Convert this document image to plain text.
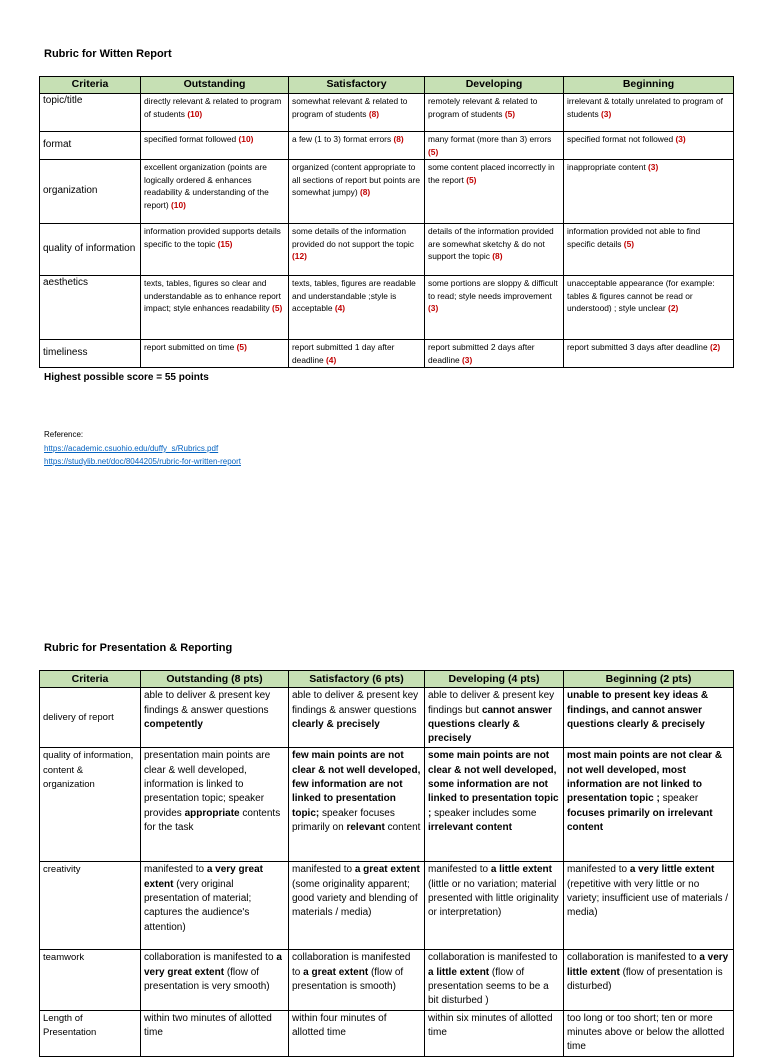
Rubric for Witten Report
Criteria	Outstanding	Satisfactory	Developing	Beginning
topic/title	directly relevant & related to program of students (10)	somewhat relevant & related to program of students (8)	remotely relevant & related to program of students (5)	irrelevant & totally unrelated to program of students (3)
format	specified format followed (10)	a few (1 to 3) format errors (8)	many format (more than 3) errors (5)	specified format not followed (3)
organization	excellent organization (points are logically ordered & enhances readability & understanding of the report) (10)	organized (content appropriate to all sections of report but points are somewhat jumpy) (8)	some content placed incorrectly in the report (5)	inappropriate content (3)
quality of information	information provided supports details specific to the topic (15)	some details of the information provided do not support the topic (12)	details of the information provided are somewhat sketchy & do not support the topic (8)	information provided not able to find specific details (5)
aesthetics	texts, tables, figures so clear and understandable as to enhance report impact; style enhances readability (5)	texts, tables, figures are readable and understandable ;style is acceptable (4)	some portions are sloppy & difficult to read; style needs improvement (3)	unacceptable appearance (for example: tables & figures cannot be read or understood) ; style unclear (2)
timeliness	report submitted on time (5)	report submitted 1 day after deadline (4)	report submitted 2 days after deadline (3)	report submitted 3 days after deadline (2)
Highest possible score = 55 points
Reference:
https://academic.csuohio.edu/duffy_s/Rubrics.pdf
https://studylib.net/doc/8044205/rubric-for-written-report
Rubric for Presentation & Reporting
Criteria	Outstanding (8 pts)	Satisfactory (6 pts)	Developing (4 pts)	Beginning (2 pts)
delivery of report	able to deliver & present key findings & answer questions competently	able to deliver & present key findings & answer questions clearly & precisely	able to deliver & present key findings but cannot answer questions clearly & precisely	unable to present key ideas & findings, and cannot answer questions clearly & precisely
quality of information, content & organization	presentation main points are clear & well developed, information is linked to presentation topic; speaker provides appropriate contents for the task	few main points are not clear & not well developed, few information are not linked to presentation topic; speaker focuses primarily on relevant content	some main points are not clear & not well developed, some information are not linked to presentation topic ; speaker includes some irrelevant content	most main points are not clear & not well developed, most information are not linked to presentation topic ; speaker focuses primarily on irrelevant content
creativity	manifested to a very great extent (very original presentation of material; captures the audience's attention)	manifested to a great extent (some originality apparent; good variety and blending of materials / media)	manifested to a little extent (little or no variation; material presented with little originality or interpretation)	manifested to a very little extent (repetitive with very little or no variety; insufficient use of materials / media)
teamwork	collaboration is manifested to a very great extent (flow of presentation is very smooth)	collaboration is manifested to a great extent (flow of presentation is smooth)	collaboration is manifested to a little extent (flow of presentation seems to be a bit disturbed )	collaboration is manifested to a very little extent (flow of presentation is disturbed)
Length of Presentation	within two minutes of allotted time	within four minutes of allotted time	within six minutes of allotted time	too long or too short; ten or more minutes above or below the allotted time
